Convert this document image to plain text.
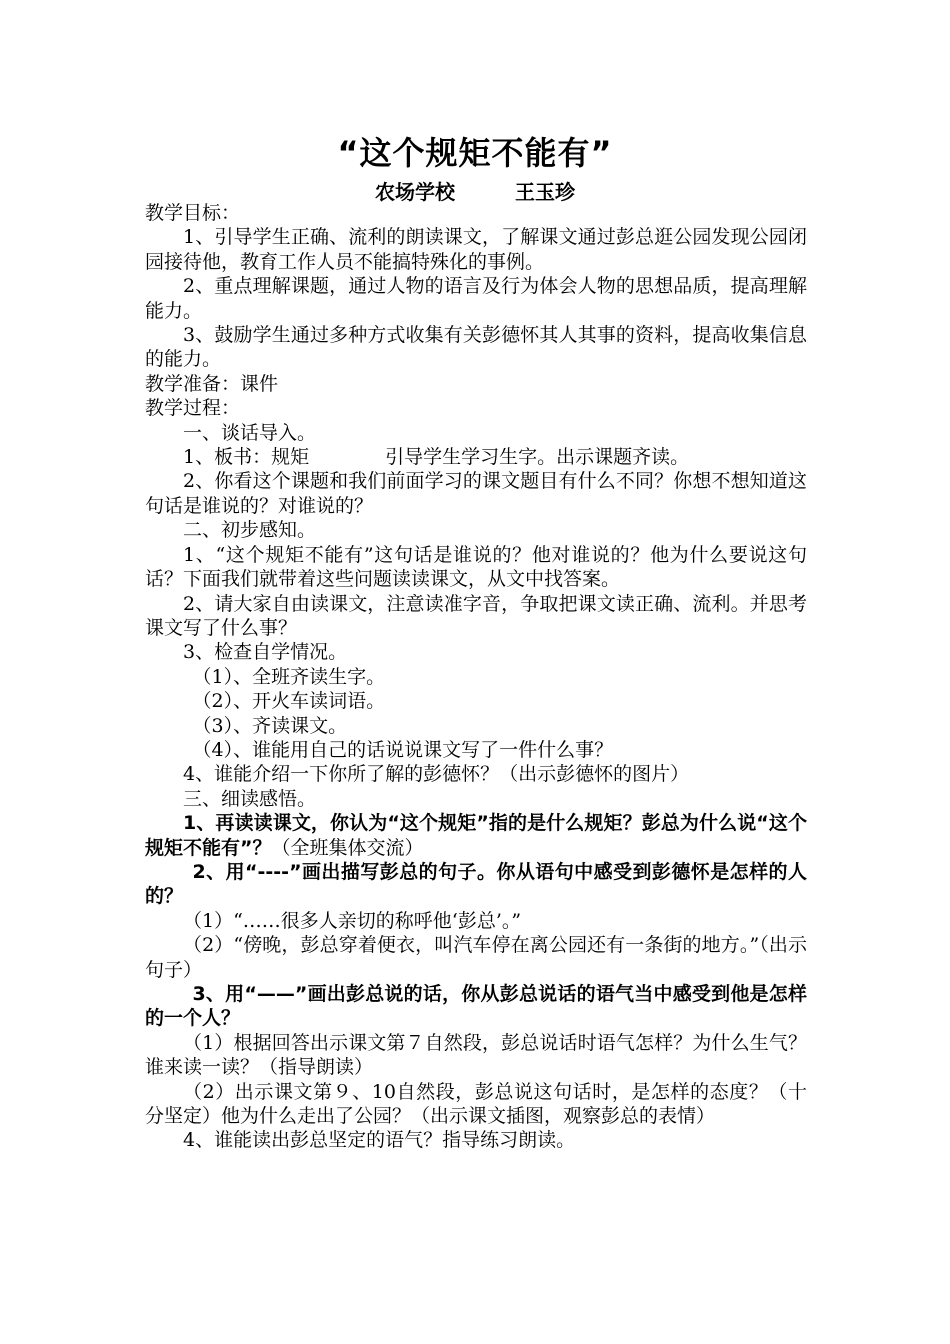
“这个规矩不能有”
农场学校	王玉珍

教学目标：

1、引导学生正确、流利的朗读课文，了解课文通过彭总逛公园发现公园闭园接待他，教育工作人员不能搞特殊化的事例。

2、重点理解课题，通过人物的语言及行为体会人物的思想品质，提高理解能力。

3、鼓励学生通过多种方式收集有关彭德怀其人其事的资料，提高收集信息的能力。

教学准备：课件

教学过程：

一、谈话导入。

1、板书：规矩　　　　引导学生学习生字。出示课题齐读。

2、你看这个课题和我们前面学习的课文题目有什么不同？你想不想知道这句话是谁说的？对谁说的？

二、初步感知。

1、“这个规矩不能有”这句话是谁说的？他对谁说的？他为什么要说这句话？下面我们就带着这些问题读读课文，从文中找答案。

2、请大家自由读课文，注意读准字音，争取把课文读正确、流利。并思考课文写了什么事？

3、检查自学情况。

（1）、全班齐读生字。

（2）、开火车读词语。

（3）、齐读课文。

（4）、谁能用自己的话说说课文写了一件什么事？

4、谁能介绍一下你所了解的彭德怀？（出示彭德怀的图片）

三、细读感悟。

1、再读读课文，你认为“这个规矩”指的是什么规矩？彭总为什么说“这个规矩不能有”？（全班集体交流）

2、用“----”画出描写彭总的句子。你从语句中感受到彭德怀是怎样的人的？

（1）“……很多人亲切的称呼他‘彭总’。”

（2）“傍晚，彭总穿着便衣，叫汽车停在离公园还有一条街的地方。”（出示句子）

3、用“——”画出彭总说的话，你从彭总说话的语气当中感受到他是怎样的一个人？

（1）根据回答出示课文第７自然段，彭总说话时语气怎样？为什么生气？谁来读一读？（指导朗读）

（2）出示课文第９、10自然段，彭总说这句话时，是怎样的态度？（十分坚定）他为什么走出了公园？（出示课文插图，观察彭总的表情）

4、谁能读出彭总坚定的语气？指导练习朗读。
